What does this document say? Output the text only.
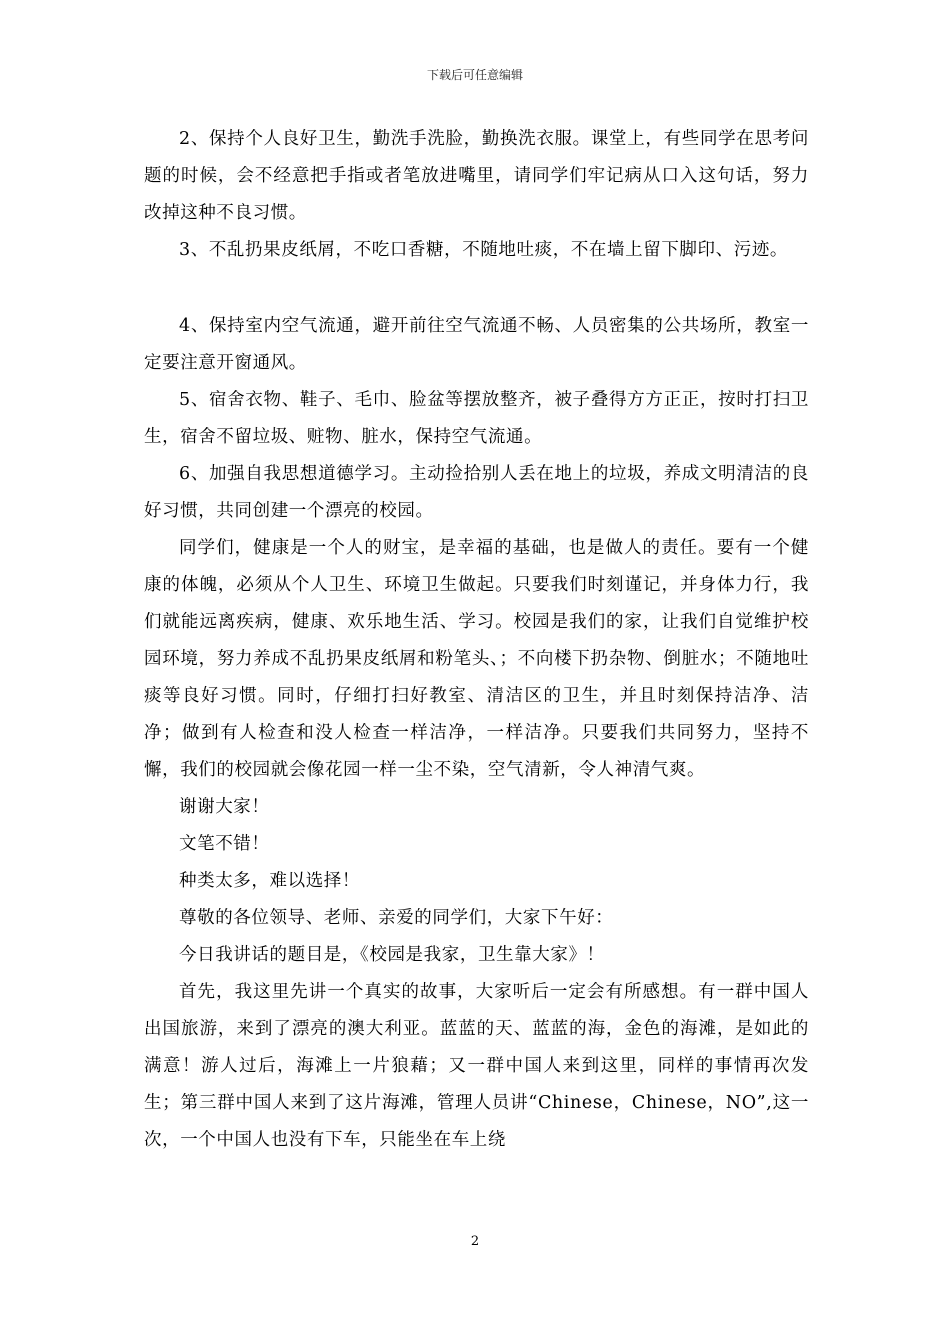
下载后可任意编辑

2、保持个人良好卫生，勤洗手洗脸，勤换洗衣服。课堂上，有些同学在思考问题的时候，会不经意把手指或者笔放进嘴里，请同学们牢记病从口入这句话，努力改掉这种不良习惯。

3、不乱扔果皮纸屑，不吃口香糖，不随地吐痰，不在墙上留下脚印、污迹。

4、保持室内空气流通，避开前往空气流通不畅、人员密集的公共场所，教室一定要注意开窗通风。

5、宿舍衣物、鞋子、毛巾、脸盆等摆放整齐，被子叠得方方正正，按时打扫卫生，宿舍不留垃圾、赃物、脏水，保持空气流通。

6、加强自我思想道德学习。主动捡拾别人丢在地上的垃圾，养成文明清洁的良好习惯，共同创建一个漂亮的校园。

同学们，健康是一个人的财宝，是幸福的基础，也是做人的责任。要有一个健康的体魄，必须从个人卫生、环境卫生做起。只要我们时刻谨记，并身体力行，我们就能远离疾病，健康、欢乐地生活、学习。校园是我们的家，让我们自觉维护校园环境，努力养成不乱扔果皮纸屑和粉笔头、；不向楼下扔杂物、倒脏水；不随地吐痰等良好习惯。同时，仔细打扫好教室、清洁区的卫生，并且时刻保持洁净、洁净；做到有人检查和没人检查一样洁净，一样洁净。只要我们共同努力，坚持不懈，我们的校园就会像花园一样一尘不染，空气清新，令人神清气爽。

谢谢大家！

文笔不错！

种类太多，难以选择！

尊敬的各位领导、老师、亲爱的同学们，大家下午好：

今日我讲话的题目是，《校园是我家，卫生靠大家》！

首先，我这里先讲一个真实的故事，大家听后一定会有所感想。有一群中国人出国旅游，来到了漂亮的澳大利亚。蓝蓝的天、蓝蓝的海，金色的海滩，是如此的满意！游人过后，海滩上一片狼藉；又一群中国人来到这里，同样的事情再次发生；第三群中国人来到了这片海滩，管理人员讲“Chinese，Chinese，NO”,这一次，一个中国人也没有下车，只能坐在车上绕

2
